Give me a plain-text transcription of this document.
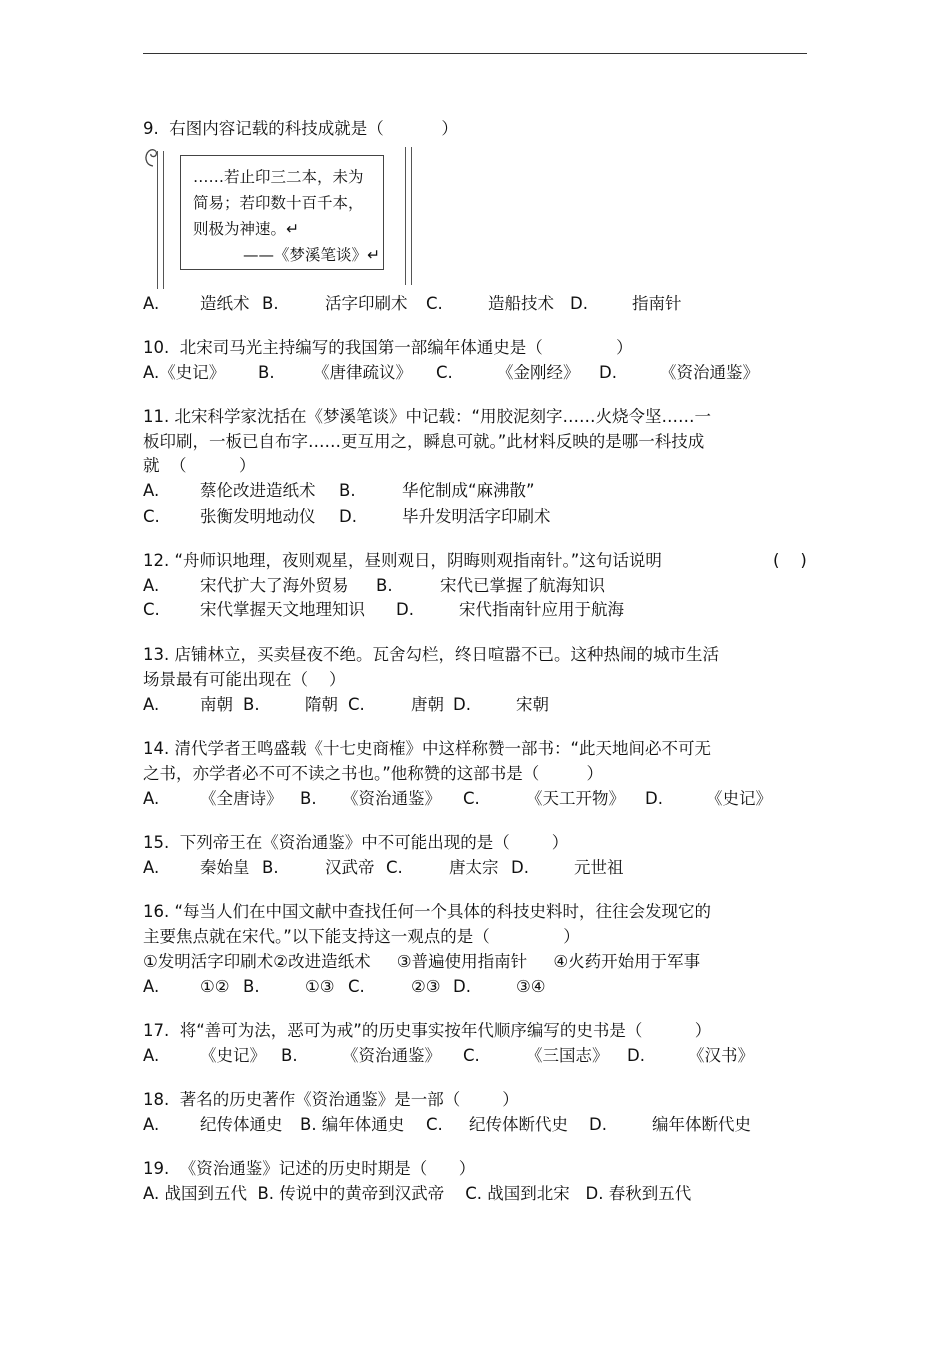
9.  右图内容记载的科技成就是（           ）
……若止印三二本，未为
简易；若印数十百千本，
则极为神速。↵
——《梦溪笔谈》↵
A. 造纸术 B.	活字印刷术 C.	造船技术 D.	指南针
10.  北宋司马光主持编写的我国第一部编年体通史是（              ）
A.《史记》 B. 《唐律疏议》 C.	《金刚经》 D.	《资治通鉴》
11. 北宋科学家沈括在《梦溪笔谈》中记载：“用胶泥刻字……火烧令坚……一
板印刷，一板已自布字……更互用之，瞬息可就。”此材料反映的是哪一科技成
就  （          ）
A. 蔡伦改进造纸术 B.	华佗制成“麻沸散”
C. 张衡发明地动仪 D.	毕升发明活字印刷术
12. “舟师识地理，夜则观星，昼则观日，阴晦则观指南针。”这句话说明	(    )
A. 宋代扩大了海外贸易 B.	宋代已掌握了航海知识
C. 宋代掌握天文地理知识 D.	宋代指南针应用于航海
13. 店铺林立，买卖昼夜不绝。瓦舍勾栏，终日喧嚣不已。这种热闹的城市生活
场景最有可能出现在（    ）
A. 南朝 B.	隋朝 C.	唐朝 D.	宋朝
14. 清代学者王鸣盛载《十七史商榷》中这样称赞一部书：“此天地间必不可无
之书，亦学者必不可不读之书也。”他称赞的这部书是（         ）
A. 《全唐诗》 B. 《资治通鉴》 C.	《天工开物》 D.	《史记》
15.  下列帝王在《资治通鉴》中不可能出现的是（        ）
A. 秦始皇 B.	汉武帝 C.	唐太宗 D.	元世祖
16. “每当人们在中国文献中查找任何一个具体的科技史料时，往往会发现它的
主要焦点就在宋代。”以下能支持这一观点的是（              ）
①发明活字印刷术②改进造纸术     ③普遍使用指南针     ④火药开始用于军事
A. ①② B.	①③ C.	②③ D.	③④
17.  将“善可为法，恶可为戒”的历史事实按年代顺序编写的史书是（          ）
A. 《史记》 B.	《资治通鉴》 C.	《三国志》 D.	《汉书》
18.  著名的历史著作《资治通鉴》是一部（        ）
A. 纪传体通史 B. 编年体通史 C. 纪传体断代史 D.	编年体断代史
19.  《资治通鉴》记述的历史时期是（      ）
A. 战国到五代  B. 传说中的黄帝到汉武帝    C. 战国到北宋   D. 春秋到五代
